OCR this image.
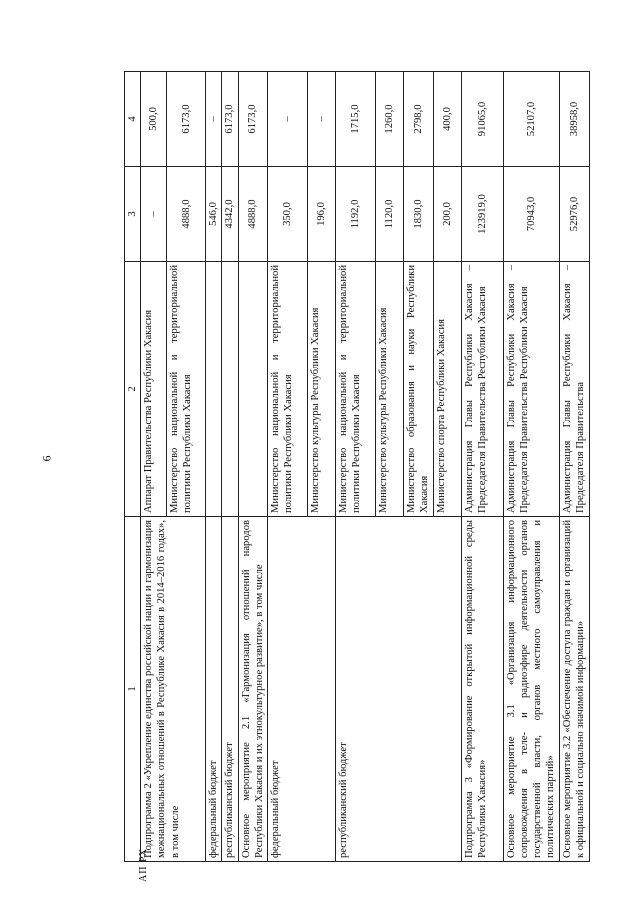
6
АП РХ
1	2	3	4
Подпрограмма 2 «Укрепление единства российской нации и гармонизация межнациональных отношений в Республике Хакасия в 2014–2016 годах», в том числе	Аппарат Правительства Республики Хакасия	–	500,0
	Министерство национальной и территориальной политики Республики Хакасия	4888,0	6173,0
федеральный бюджет		546,0	–
республиканский бюджет		4342,0	6173,0
Основное мероприятие 2.1 «Гармонизация отношений народов Республики Хакасия и их этнокультурное развитие», в том числе		4888,0	6173,0
федеральный бюджет	Министерство национальной и территориальной политики Республики Хакасия	350,0	–
	Министерство культуры Республики Хакасия	196,0	–
республиканский бюджет	Министерство национальной и территориальной политики Республики Хакасия	1192,0	1715,0
	Министерство культуры Республики Хакасия	1120,0	1260,0
	Министерство образования и науки Республики Хакасия	1830,0	2798,0
	Министерство спорта Республики Хакасия	200,0	400,0
Подпрограмма 3 «Формирование открытой информационной среды Республики Хакасия»	Администрация Главы Республики Хакасия – Председателя Правительства Республики Хакасия	123919,0	91065,0
Основное мероприятие 3.1 «Организация информационного сопровождения в теле- и радиоэфире деятельности органов государственной власти, органов местного самоуправления и политических партий»	Администрация Главы Республики Хакасия – Председателя Правительства Республики Хакасия	70943,0	52107,0
Основное мероприятие 3.2 «Обеспечение доступа граждан и организаций к официальной и социально значимой информации»	Администрация Главы Республики Хакасия – Председателя Правительства	52976,0	38958,0
